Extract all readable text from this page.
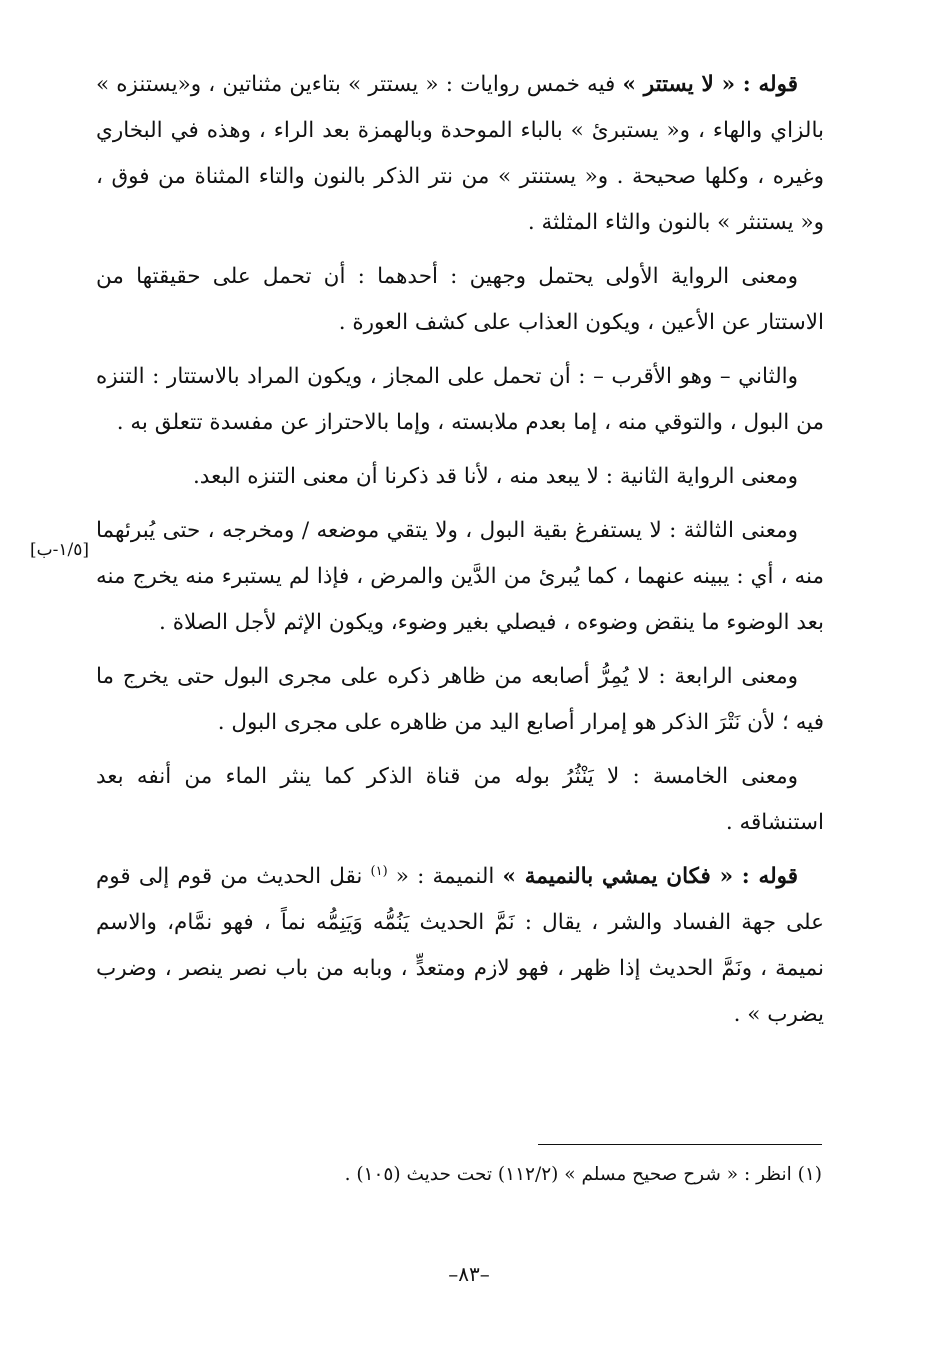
قوله : « لا يستتر » فيه خمس روايات : « يستتر » بتاءين مثناتين ، و«يستنزه » بالزاي والهاء ، و« يستبرئ » بالباء الموحدة وبالهمزة بعد الراء ، وهذه في البخاري وغيره ، وكلها صحيحة . و« يستنتر » من نتر الذكر بالنون والتاء المثناة من فوق ، و« يستنثر » بالنون والثاء المثلثة .

ومعنى الرواية الأولى يحتمل وجهين : أحدهما : أن تحمل على حقيقتها من الاستتار عن الأعين ، ويكون العذاب على كشف العورة .

والثاني – وهو الأقرب – : أن تحمل على المجاز ، ويكون المراد بالاستتار : التنزه من البول ، والتوقي منه ، إما بعدم ملابسته ، وإما بالاحتراز عن مفسدة تتعلق به .

ومعنى الرواية الثانية : لا يبعد منه ، لأنا قد ذكرنا أن معنى التنزه البعد.

ومعنى الثالثة : لا يستفرغ بقية البول ، ولا يتقي موضعه / ومخرجه ، حتى يُبرئهما منه ، أي : يبينه عنهما ، كما يُبرئ من الدَّين والمرض ، فإذا لم يستبرء منه يخرج منه بعد الوضوء ما ينقض وضوءه ، فيصلي بغير وضوء، ويكون الإثم لأجل الصلاة .

ومعنى الرابعة : لا يُمِرُّ أصابعه من ظاهر ذكره على مجرى البول حتى يخرج ما فيه ؛ لأن نَتْرَ الذكر هو إمرار أصابع اليد من ظاهره على مجرى البول .

ومعنى الخامسة : لا يَنْثُرُ بوله من قناة الذكر كما ينثر الماء من أنفه بعد استنشاقه .

قوله : « فكان يمشي بالنميمة » النميمة : « $^{(١)}$ نقل الحديث من قوم إلى قوم على جهة الفساد والشر ، يقال : نَمَّ الحديث يَنُمُّه وَيَنِمُّه نماً ، فهو نمَّام، والاسم نميمة ، ونَمَّ الحديث إذا ظهر ، فهو لازم ومتعدٍّ ، وبابه من باب نصر ينصر ، وضرب يضرب » .

[١/٥-ب]
(١) انظر : « شرح صحيح مسلم » (١١٢/٢) تحت حديث (١٠٥) .
–٨٣–
